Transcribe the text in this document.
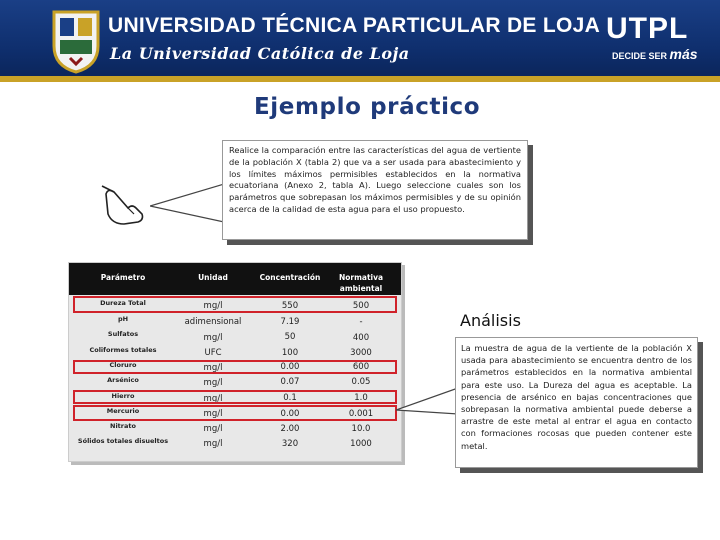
UNIVERSIDAD TÉCNICA PARTICULAR DE LOJA
La Universidad Católica de Loja
UTPL
DECIDE SER más
Ejemplo práctico
Realice la comparación entre las características del agua de vertiente de la población X (tabla 2) que va a ser usada para abastecimiento y los límites máximos permisibles establecidos en la normativa ecuatoriana (Anexo 2, tabla A). Luego seleccione cuales son los parámetros que sobrepasan los máximos permisibles y de su opinión acerca de la calidad de esta agua para el uso propuesto.
Parámetro	Unidad	Concentración	Normativa ambiental
Dureza Total	mg/l	550	500
pH	adimensional	7.19	-
Sulfatos	mg/l	50	400
Coliformes totales	UFC	100	3000
Cloruro	mg/l	0.00	600
Arsénico	mg/l	0.07	0.05
Hierro	mg/l	0.1	1.0
Mercurio	mg/l	0.00	0.001
Nitrato	mg/l	2.00	10.0
Sólidos totales disueltos	mg/l	320	1000
Análisis
La muestra de agua de la vertiente de la población X usada para abastecimiento se encuentra dentro de los parámetros establecidos en la normativa ambiental para este uso. La Dureza del agua es aceptable. La presencia de arsénico en bajas concentraciones que sobrepasan la normativa ambiental puede deberse a arrastre de este metal al entrar el agua en contacto con formaciones rocosas que pueden contener este metal.
